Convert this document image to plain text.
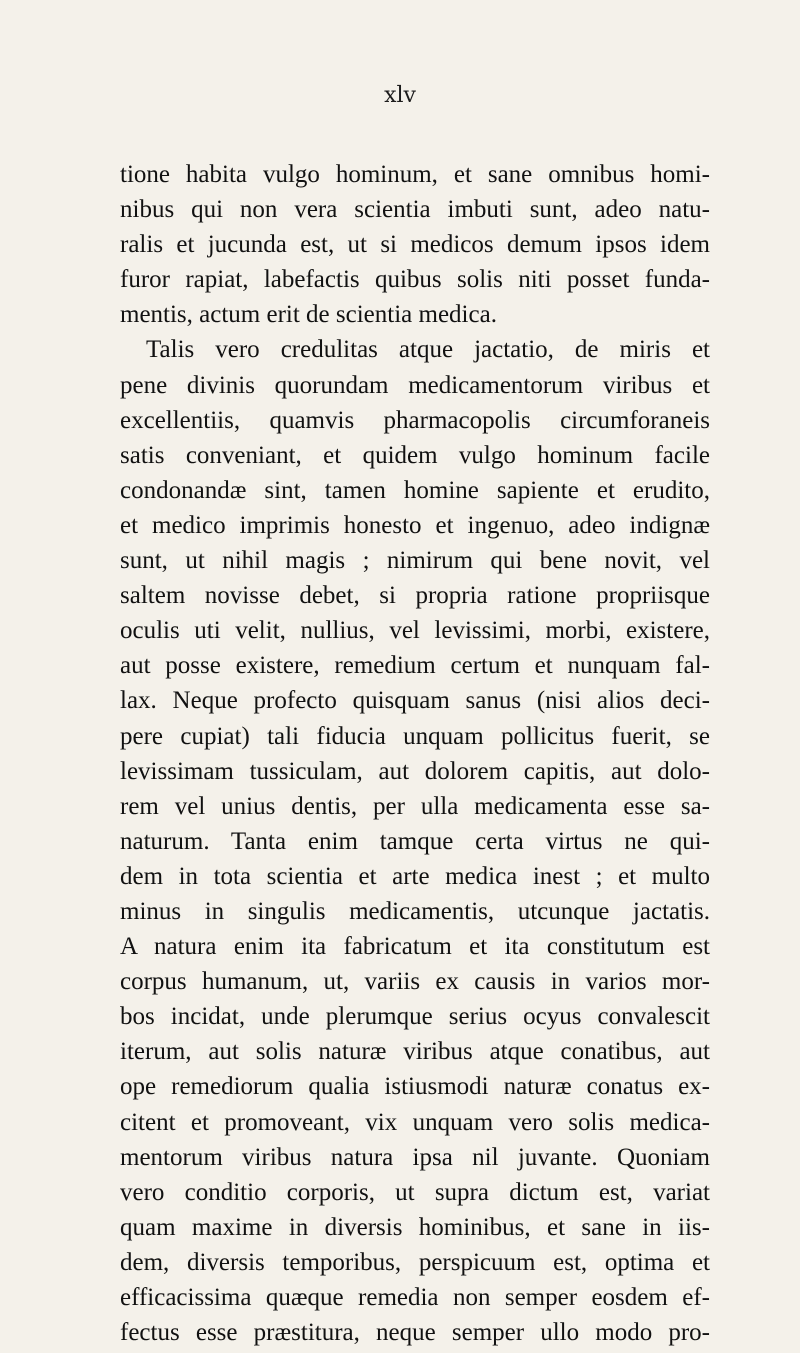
xlv
tione habita vulgo hominum, et sane omnibus homi-
nibus qui non vera scientia imbuti sunt, adeo natu-
ralis et jucunda est, ut si medicos demum ipsos idem
furor rapiat, labefactis quibus solis niti posset funda-
mentis, actum erit de scientia medica.
Talis vero credulitas atque jactatio, de miris et
pene divinis quorundam medicamentorum viribus et
excellentiis, quamvis pharmacopolis circumforaneis
satis conveniant, et quidem vulgo hominum facile
condonandæ sint, tamen homine sapiente et erudito,
et medico imprimis honesto et ingenuo, adeo indignæ
sunt, ut nihil magis ; nimirum qui bene novit, vel
saltem novisse debet, si propria ratione propriisque
oculis uti velit, nullius, vel levissimi, morbi, existere,
aut posse existere, remedium certum et nunquam fal-
lax. Neque profecto quisquam sanus (nisi alios deci-
pere cupiat) tali fiducia unquam pollicitus fuerit, se
levissimam tussiculam, aut dolorem capitis, aut dolo-
rem vel unius dentis, per ulla medicamenta esse sa-
naturum. Tanta enim tamque certa virtus ne qui-
dem in tota scientia et arte medica inest ; et multo
minus in singulis medicamentis, utcunque jactatis.
A natura enim ita fabricatum et ita constitutum est
corpus humanum, ut, variis ex causis in varios mor-
bos incidat, unde plerumque serius ocyus convalescit
iterum, aut solis naturæ viribus atque conatibus, aut
ope remediorum qualia istiusmodi naturæ conatus ex-
citent et promoveant, vix unquam vero solis medica-
mentorum viribus natura ipsa nil juvante. Quoniam
vero conditio corporis, ut supra dictum est, variat
quam maxime in diversis hominibus, et sane in iis-
dem, diversis temporibus, perspicuum est, optima et
efficacissima quæque remedia non semper eosdem ef-
fectus esse præstitura, neque semper ullo modo pro-
